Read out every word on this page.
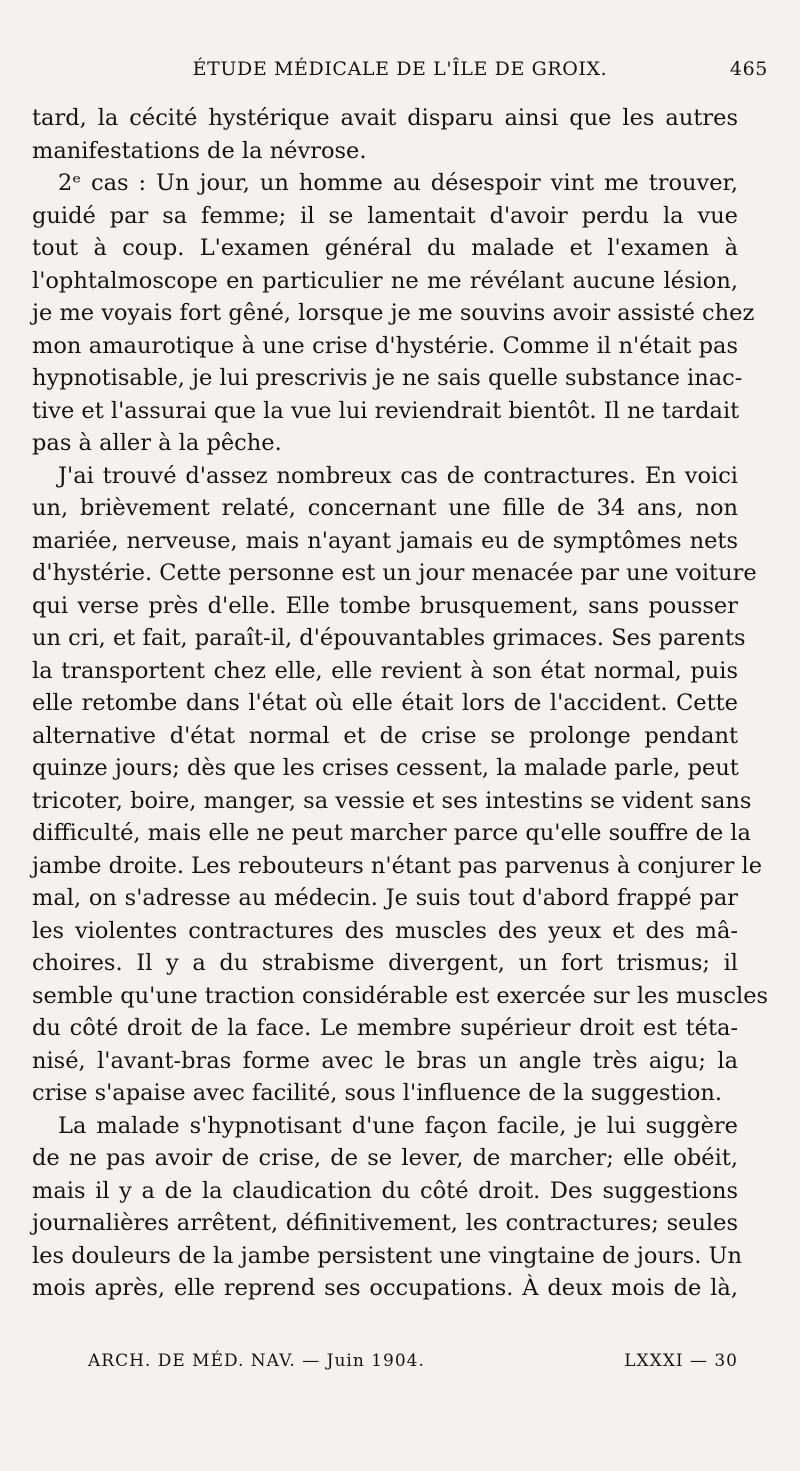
ÉTUDE MÉDICALE DE L'ÎLE DE GROIX.	465
tard, la cécité hystérique avait disparu ainsi que les autres
manifestations de la névrose.
2ᵉ cas : Un jour, un homme au désespoir vint me trouver,
guidé par sa femme; il se lamentait d'avoir perdu la vue
tout à coup. L'examen général du malade et l'examen à
l'ophtalmoscope en particulier ne me révélant aucune lésion,
je me voyais fort gêné, lorsque je me souvins avoir assisté chez
mon amaurotique à une crise d'hystérie. Comme il n'était pas
hypnotisable, je lui prescrivis je ne sais quelle substance inac-
tive et l'assurai que la vue lui reviendrait bientôt. Il ne tardait
pas à aller à la pêche.
J'ai trouvé d'assez nombreux cas de contractures. En voici
un, brièvement relaté, concernant une fille de 34 ans, non
mariée, nerveuse, mais n'ayant jamais eu de symptômes nets
d'hystérie. Cette personne est un jour menacée par une voiture
qui verse près d'elle. Elle tombe brusquement, sans pousser
un cri, et fait, paraît-il, d'épouvantables grimaces. Ses parents
la transportent chez elle, elle revient à son état normal, puis
elle retombe dans l'état où elle était lors de l'accident. Cette
alternative d'état normal et de crise se prolonge pendant
quinze jours; dès que les crises cessent, la malade parle, peut
tricoter, boire, manger, sa vessie et ses intestins se vident sans
difficulté, mais elle ne peut marcher parce qu'elle souffre de la
jambe droite. Les rebouteurs n'étant pas parvenus à conjurer le
mal, on s'adresse au médecin. Je suis tout d'abord frappé par
les violentes contractures des muscles des yeux et des mâ-
choires. Il y a du strabisme divergent, un fort trismus; il
semble qu'une traction considérable est exercée sur les muscles
du côté droit de la face. Le membre supérieur droit est téta-
nisé, l'avant-bras forme avec le bras un angle très aigu; la
crise s'apaise avec facilité, sous l'influence de la suggestion.
La malade s'hypnotisant d'une façon facile, je lui suggère
de ne pas avoir de crise, de se lever, de marcher; elle obéit,
mais il y a de la claudication du côté droit. Des suggestions
journalières arrêtent, définitivement, les contractures; seules
les douleurs de la jambe persistent une vingtaine de jours. Un
mois après, elle reprend ses occupations. À deux mois de là,
ARCH. DE MÉD. NAV. — Juin 1904.	LXXXI — 30
